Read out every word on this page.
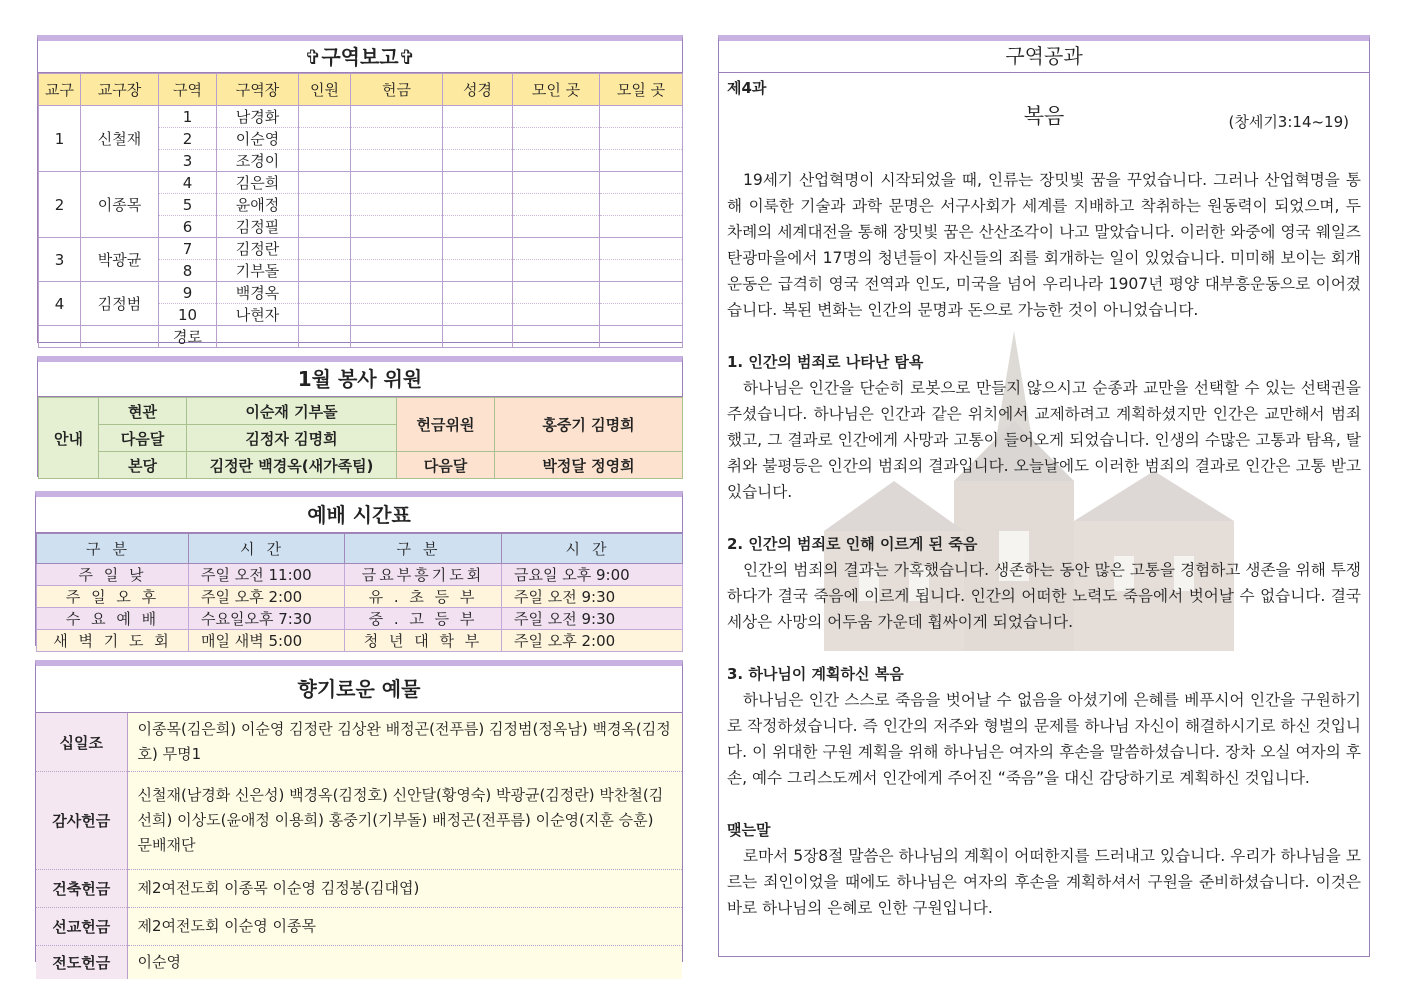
✞구역보고✞
교구	교구장	구역	구역장	인원	헌금	성경	모인 곳	모일 곳
1	신철재	1	남경화					
		2	이순영					
		3	조경이					
2	이종목	4	김은희					
		5	윤애정					
		6	김정필					
3	박광균	7	김정란					
		8	기부돌					
4	김정범	9	백경옥					
		10	나현자					
		경로						
1월 봉사 위원
안내	현관	이순재 기부돌	헌금위원	홍중기 김명희
	다음달	김정자 김명희		
	본당	김정란 백경옥(새가족팀)	다음달	박정달 정영희
예배 시간표
구분	시간	구분	시간
주 일 낮	주일 오전 11:00	금요부흥기도회	금요일 오후 9:00
주 일 오 후	주일 오후 2:00	유 . 초 등 부	주일 오전 9:30
수 요 예 배	수요일오후 7:30	중 . 고 등 부	주일 오전 9:30
새 벽 기 도 회	매일 새벽 5:00	청 년 대 학 부	주일 오후 2:00
향기로운 예물
십일조	이종목(김은희) 이순영 김정란 김상완 배정곤(전푸름) 김정범(정옥남) 백경옥(김정호) 무명1
감사헌금	신철재(남경화 신은성) 백경옥(김정호) 신안달(황영숙) 박광균(김정란) 박찬철(김선희) 이상도(윤애정 이용희) 홍중기(기부돌) 배정곤(전푸름) 이순영(지훈 승훈) 문배재단
건축헌금	제2여전도회 이종목 이순영 김정봉(김대엽)
선교헌금	제2여전도회 이순영 이종목
전도헌금	이순영
구역공과
제4과
복음	(창세기3:14~19)

19세기 산업혁명이 시작되었을 때, 인류는 장밋빛 꿈을 꾸었습니다. 그러나 산업혁명을 통해 이룩한 기술과 과학 문명은 서구사회가 세계를 지배하고 착취하는 원동력이 되었으며, 두 차례의 세계대전을 통해 장밋빛 꿈은 산산조각이 나고 말았습니다. 이러한 와중에 영국 웨일즈 탄광마을에서 17명의 청년들이 자신들의 죄를 회개하는 일이 있었습니다. 미미해 보이는 회개운동은 급격히 영국 전역과 인도, 미국을 넘어 우리나라 1907년 평양 대부흥운동으로 이어졌습니다. 복된 변화는 인간의 문명과 돈으로 가능한 것이 아니었습니다.

1. 인간의 범죄로 나타난 탐욕

하나님은 인간을 단순히 로봇으로 만들지 않으시고 순종과 교만을 선택할 수 있는 선택권을 주셨습니다. 하나님은 인간과 같은 위치에서 교제하려고 계획하셨지만 인간은 교만해서 범죄했고, 그 결과로 인간에게 사망과 고통이 들어오게 되었습니다. 인생의 수많은 고통과 탐욕, 탈취와 불평등은 인간의 범죄의 결과입니다. 오늘날에도 이러한 범죄의 결과로 인간은 고통 받고 있습니다.

2. 인간의 범죄로 인해 이르게 된 죽음

인간의 범죄의 결과는 가혹했습니다. 생존하는 동안 많은 고통을 경험하고 생존을 위해 투쟁하다가 결국 죽음에 이르게 됩니다. 인간의 어떠한 노력도 죽음에서 벗어날 수 없습니다. 결국 세상은 사망의 어두움 가운데 휩싸이게 되었습니다.

3. 하나님이 계획하신 복음

하나님은 인간 스스로 죽음을 벗어날 수 없음을 아셨기에 은혜를 베푸시어 인간을 구원하기로 작정하셨습니다. 즉 인간의 저주와 형벌의 문제를 하나님 자신이 해결하시기로 하신 것입니다. 이 위대한 구원 계획을 위해 하나님은 여자의 후손을 말씀하셨습니다. 장차 오실 여자의 후손, 예수 그리스도께서 인간에게 주어진 “죽음”을 대신 감당하기로 계획하신 것입니다.

맺는말

로마서 5장8절 말씀은 하나님의 계획이 어떠한지를 드러내고 있습니다. 우리가 하나님을 모르는 죄인이었을 때에도 하나님은 여자의 후손을 계획하셔서 구원을 준비하셨습니다. 이것은 바로 하나님의 은혜로 인한 구원입니다.
